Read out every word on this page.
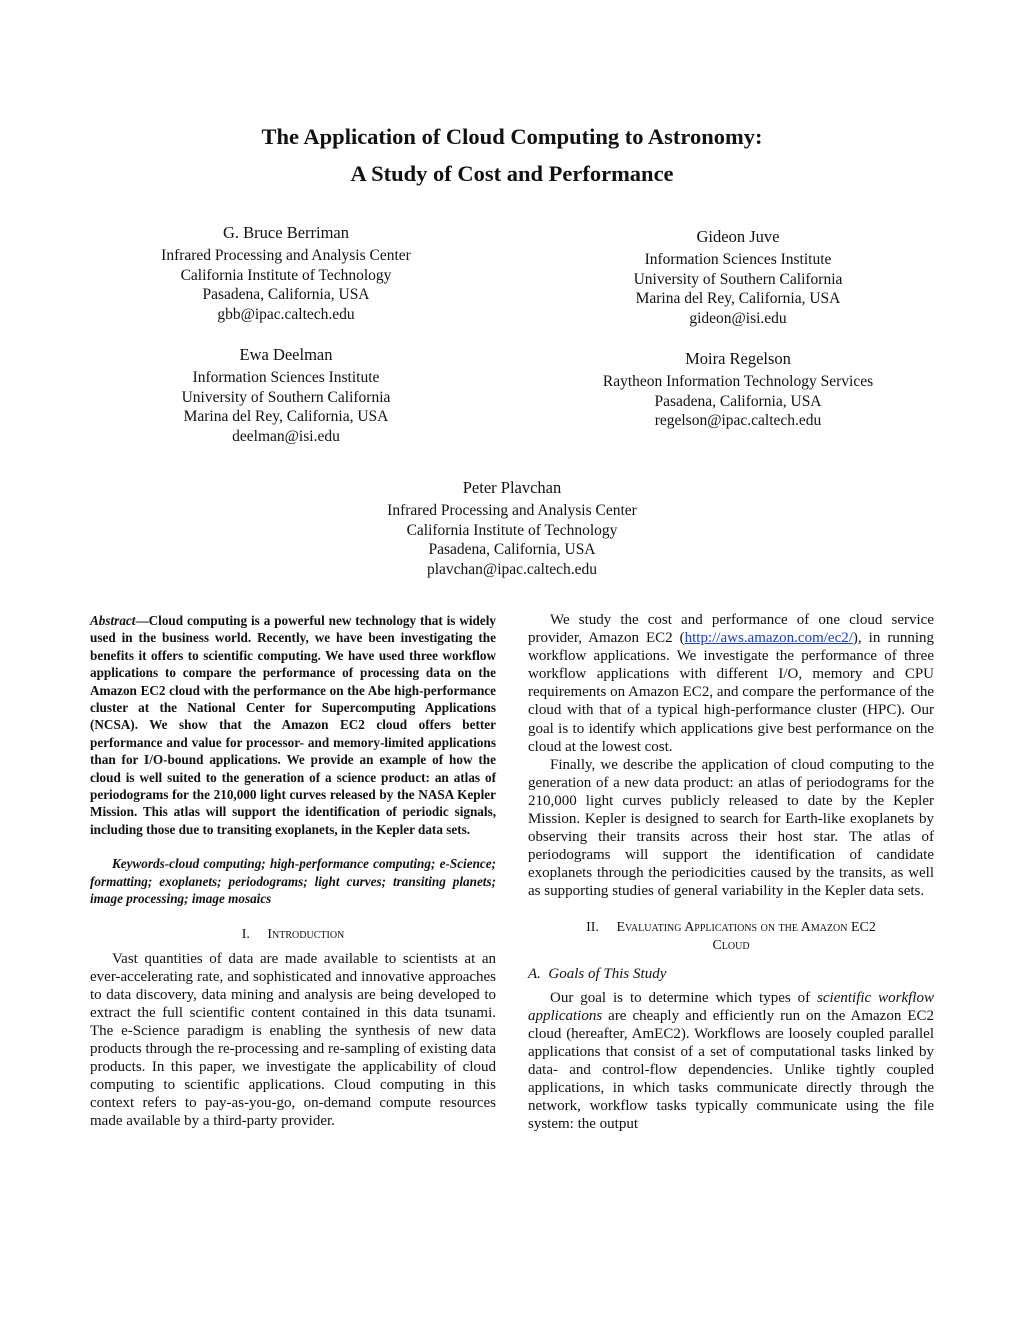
The Application of Cloud Computing to Astronomy:
A Study of Cost and Performance
G. Bruce Berriman
Infrared Processing and Analysis Center
California Institute of Technology
Pasadena, California, USA
gbb@ipac.caltech.edu
Gideon Juve
Information Sciences Institute
University of Southern California
Marina del Rey, California, USA
gideon@isi.edu
Ewa Deelman
Information Sciences Institute
University of Southern California
Marina del Rey, California, USA
deelman@isi.edu
Moira Regelson
Raytheon Information Technology Services
Pasadena, California, USA
regelson@ipac.caltech.edu
Peter Plavchan
Infrared Processing and Analysis Center
California Institute of Technology
Pasadena, California, USA
plavchan@ipac.caltech.edu

Abstract—Cloud computing is a powerful new technology that is widely used in the business world. Recently, we have been investigating the benefits it offers to scientific computing. We have used three workflow applications to compare the performance of processing data on the Amazon EC2 cloud with the performance on the Abe high-performance cluster at the National Center for Supercomputing Applications (NCSA). We show that the Amazon EC2 cloud offers better performance and value for processor- and memory-limited applications than for I/O-bound applications. We provide an example of how the cloud is well suited to the generation of a science product: an atlas of periodograms for the 210,000 light curves released by the NASA Kepler Mission. This atlas will support the identification of periodic signals, including those due to transiting exoplanets, in the Kepler data sets.

Keywords-cloud computing; high-performance computing; e-Science; formatting; exoplanets; periodograms; light curves; transiting planets; image processing; image mosaics

I. Introduction

Vast quantities of data are made available to scientists at an ever-accelerating rate, and sophisticated and innovative approaches to data discovery, data mining and analysis are being developed to extract the full scientific content contained in this data tsunami. The e-Science paradigm is enabling the synthesis of new data products through the re-processing and re-sampling of existing data products. In this paper, we investigate the applicability of cloud computing to scientific applications. Cloud computing in this context refers to pay-as-you-go, on-demand compute resources made available by a third-party provider.

We study the cost and performance of one cloud service provider, Amazon EC2 (http://aws.amazon.com/ec2/), in running workflow applications. We investigate the performance of three workflow applications with different I/O, memory and CPU requirements on Amazon EC2, and compare the performance of the cloud with that of a typical high-performance cluster (HPC). Our goal is to identify which applications give best performance on the cloud at the lowest cost.

Finally, we describe the application of cloud computing to the generation of a new data product: an atlas of periodograms for the 210,000 light curves publicly released to date by the Kepler Mission. Kepler is designed to search for Earth-like exoplanets by observing their transits across their host star. The atlas of periodograms will support the identification of candidate exoplanets through the periodicities caused by the transits, as well as supporting studies of general variability in the Kepler data sets.

II. Evaluating Applications on the Amazon EC2
Cloud
A. Goals of This Study

Our goal is to determine which types of scientific workflow applications are cheaply and efficiently run on the Amazon EC2 cloud (hereafter, AmEC2). Workflows are loosely coupled parallel applications that consist of a set of computational tasks linked by data- and control-flow dependencies. Unlike tightly coupled applications, in which tasks communicate directly through the network, workflow tasks typically communicate using the file system: the output
